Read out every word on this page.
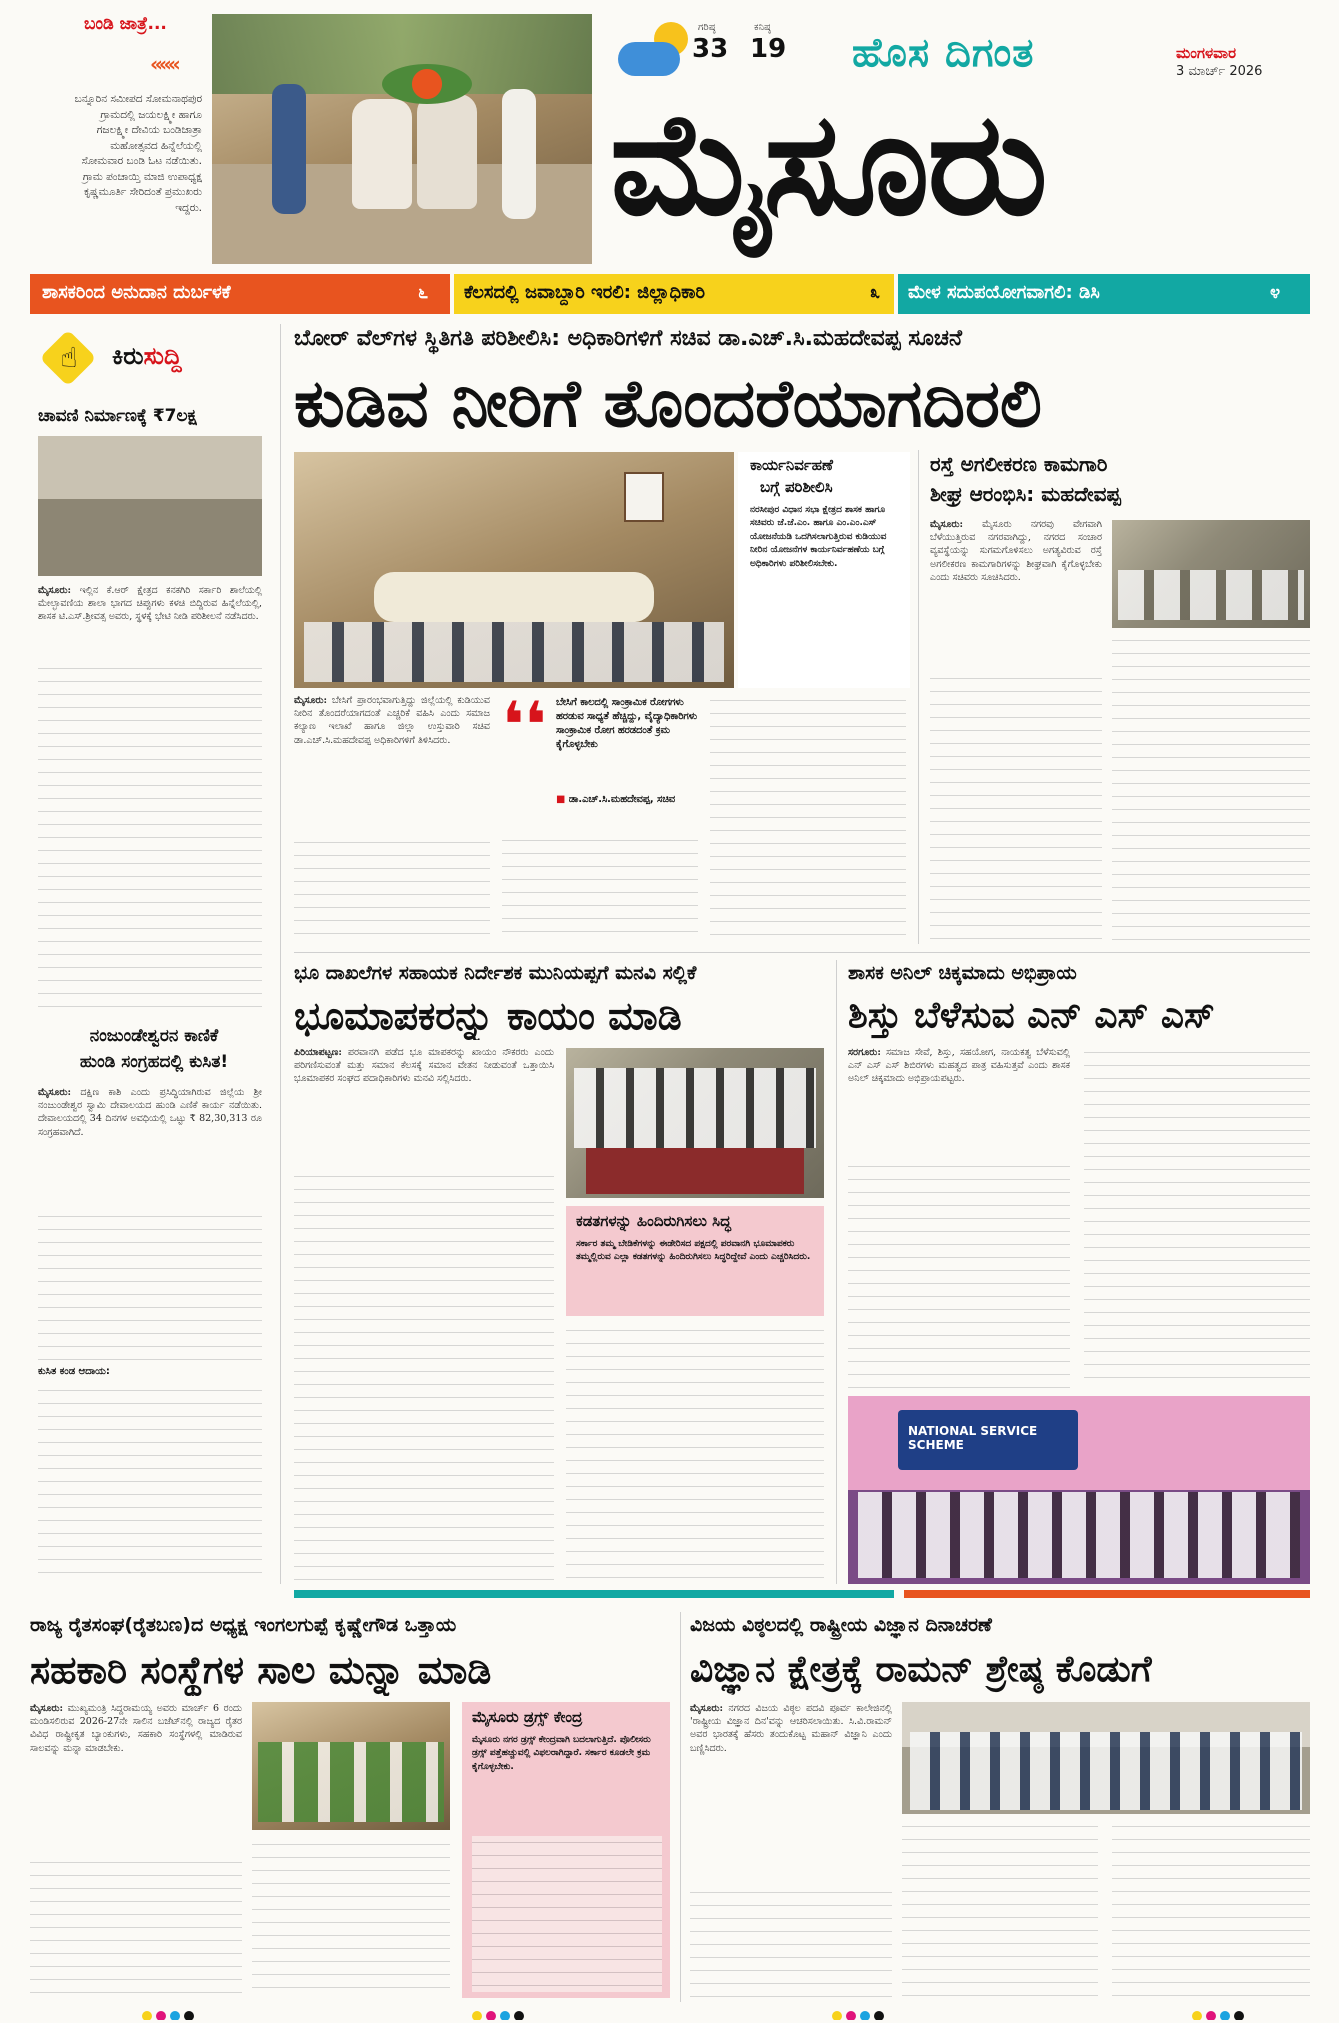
ಬಂಡಿ ಜಾತ್ರೆ...
«««
ಬನ್ನೂರಿನ ಸಮೀಪದ ಸೋಮನಾಥಪುರ ಗ್ರಾಮದಲ್ಲಿ ಜಯಲಕ್ಷ್ಮೀ ಹಾಗೂ ಗಜಲಕ್ಷ್ಮೀ ದೇವಿಯ ಬಂಡಿಜಾತ್ರಾ ಮಹೋತ್ಸವದ ಹಿನ್ನೆಲೆಯಲ್ಲಿ ಸೋಮವಾರ ಬಂಡಿ ಓಟ ನಡೆಯಿತು. ಗ್ರಾಮ ಪಂಚಾಯ್ತಿ ಮಾಜಿ ಉಪಾಧ್ಯಕ್ಷ ಕೃಷ್ಣಮೂರ್ತಿ ಸೇರಿದಂತೆ ಪ್ರಮುಖರು ಇದ್ದರು.
ಗರಿಷ್ಠ
33
ಕನಿಷ್ಠ
19 ಹೊಸ ದಿಗಂತ	ಮಂಗಳವಾರ
3 ಮಾರ್ಚ್ 2026
ಮೈಸೂರು
ಶಾಸಕರಿಂದ ಅನುದಾನ ದುರ್ಬಳಕೆ	೬	ಕೆಲಸದಲ್ಲಿ ಜವಾಬ್ದಾರಿ ಇರಲಿ: ಜಿಲ್ಲಾಧಿಕಾರಿ	೩	ಮೇಳ ಸದುಪಯೋಗವಾಗಲಿ: ಡಿಸಿ	೪
☝ ಕಿರುಸುದ್ದಿ
ಚಾವಣಿ ನಿರ್ಮಾಣಕ್ಕೆ ₹7ಲಕ್ಷ
ಮೈಸೂರು: ಇಲ್ಲಿನ ಕೆ.ಆರ್ ಕ್ಷೇತ್ರದ ಕನಕಗಿರಿ ಸರ್ಕಾರಿ ಶಾಲೆಯಲ್ಲಿ ಮೇಲ್ಛಾವಣಿಯ ಶಾಲಾ ಭಾಗದ ಚಿಪ್ಪುಗಳು ಕಳಚಿ ಬಿದ್ದಿರುವ ಹಿನ್ನೆಲೆಯಲ್ಲಿ, ಶಾಸಕ ಟಿ.ಎಸ್.ಶ್ರೀವತ್ಸ ಅವರು, ಸ್ಥಳಕ್ಕೆ ಭೇಟಿ ನೀಡಿ ಪರಿಶೀಲನೆ ನಡೆಸಿದರು.
ನಂಜುಂಡೇಶ್ವರನ ಕಾಣಿಕೆ
ಹುಂಡಿ ಸಂಗ್ರಹದಲ್ಲಿ ಕುಸಿತ!
ಮೈಸೂರು: ದಕ್ಷಿಣ ಕಾಶಿ ಎಂದು ಪ್ರಸಿದ್ಧಿಯಾಗಿರುವ ಜಿಲ್ಲೆಯ ಶ್ರೀ ನಂಜುಂಡೇಶ್ವರ ಸ್ವಾಮಿ ದೇವಾಲಯದ ಹುಂಡಿ ಎಣಿಕೆ ಕಾರ್ಯ ನಡೆಯಿತು. ದೇವಾಲಯದಲ್ಲಿ 34 ದಿನಗಳ ಅವಧಿಯಲ್ಲಿ ಒಟ್ಟು ₹ 82,30,313 ರೂ ಸಂಗ್ರಹವಾಗಿದೆ.
ಕುಸಿತ ಕಂಡ ಆದಾಯ:
ಬೋರ್ ವೆಲ್‌ಗಳ ಸ್ಥಿತಿಗತಿ ಪರಿಶೀಲಿಸಿ: ಅಧಿಕಾರಿಗಳಿಗೆ ಸಚಿವ ಡಾ.ಎಚ್.ಸಿ.ಮಹದೇವಪ್ಪ ಸೂಚನೆ
ಕುಡಿವ ನೀರಿಗೆ ತೊಂದರೆಯಾಗದಿರಲಿ
ಕಾರ್ಯನಿರ್ವಹಣೆ
ಬಗ್ಗೆ ಪರಿಶೀಲಿಸಿ
ನರಸೀಪುರ ವಿಧಾನ ಸಭಾ ಕ್ಷೇತ್ರದ ಶಾಸಕ ಹಾಗೂ ಸಚಿವರು ಜೆ.ಜೆ.ಎಂ. ಹಾಗೂ ಎಂ.ಎಂ.ಎಸ್ ಯೋಜನೆಯಡಿ ಒದಗಿಸಲಾಗುತ್ತಿರುವ ಕುಡಿಯುವ ನೀರಿನ ಯೋಜನೆಗಳ ಕಾರ್ಯನಿರ್ವಹಣೆಯ ಬಗ್ಗೆ ಅಧಿಕಾರಿಗಳು ಪರಿಶೀಲಿಸಬೇಕು.
ಮೈಸೂರು: ಬೇಸಿಗೆ ಪ್ರಾರಂಭವಾಗುತ್ತಿದ್ದು ಜಿಲ್ಲೆಯಲ್ಲಿ ಕುಡಿಯುವ ನೀರಿನ ತೊಂದರೆಯಾಗದಂತೆ ಎಚ್ಚರಿಕೆ ವಹಿಸಿ ಎಂದು ಸಮಾಜ ಕಲ್ಯಾಣ ಇಲಾಖೆ ಹಾಗೂ ಜಿಲ್ಲಾ ಉಸ್ತುವಾರಿ ಸಚಿವ ಡಾ.ಎಚ್.ಸಿ.ಮಹದೇವಪ್ಪ ಅಧಿಕಾರಿಗಳಿಗೆ ತಿಳಿಸಿದರು. ❛❛ ಬೇಸಿಗೆ ಕಾಲದಲ್ಲಿ ಸಾಂಕ್ರಾಮಿಕ ರೋಗಗಳು ಹರಡುವ ಸಾಧ್ಯತೆ ಹೆಚ್ಚಿದ್ದು, ವೈದ್ಯಾಧಿಕಾರಿಗಳು ಸಾಂಕ್ರಾಮಿಕ ರೋಗ ಹರಡದಂತೆ ಕ್ರಮ ಕೈಗೊಳ್ಳಬೇಕು
■ ಡಾ.ಎಚ್.ಸಿ.ಮಹದೇವಪ್ಪ, ಸಚಿವ
ರಸ್ತೆ ಅಗಲೀಕರಣ ಕಾಮಗಾರಿ
ಶೀಘ್ರ ಆರಂಭಿಸಿ: ಮಹದೇವಪ್ಪ
ಮೈಸೂರು: ಮೈಸೂರು ನಗರವು ವೇಗವಾಗಿ ಬೆಳೆಯುತ್ತಿರುವ ನಗರವಾಗಿದ್ದು, ನಗರದ ಸಂಚಾರ ವ್ಯವಸ್ಥೆಯನ್ನು ಸುಗಮಗೊಳಿಸಲು ಅಗತ್ಯವಿರುವ ರಸ್ತೆ ಅಗಲೀಕರಣ ಕಾಮಗಾರಿಗಳನ್ನು ಶೀಘ್ರವಾಗಿ ಕೈಗೊಳ್ಳಬೇಕು ಎಂದು ಸಚಿವರು ಸೂಚಿಸಿದರು.
ಭೂ ದಾಖಲೆಗಳ ಸಹಾಯಕ ನಿರ್ದೇಶಕ ಮುನಿಯಪ್ಪಗೆ ಮನವಿ ಸಲ್ಲಿಕೆ
ಭೂಮಾಪಕರನ್ನು ಕಾಯಂ ಮಾಡಿ
ಪಿರಿಯಾಪಟ್ಟಣ: ಪರವಾನಗಿ ಪಡೆದ ಭೂ ಮಾಪಕರನ್ನು ಖಾಯಂ ನೌಕರರು ಎಂದು ಪರಿಗಣಿಸುವಂತೆ ಮತ್ತು ಸಮಾನ ಕೆಲಸಕ್ಕೆ ಸಮಾನ ವೇತನ ನೀಡುವಂತೆ ಒತ್ತಾಯಿಸಿ ಭೂಮಾಪಕರ ಸಂಘದ ಪದಾಧಿಕಾರಿಗಳು ಮನವಿ ಸಲ್ಲಿಸಿದರು.
ಕಡತಗಳನ್ನು ಹಿಂದಿರುಗಿಸಲು ಸಿದ್ಧ
ಸರ್ಕಾರ ತಮ್ಮ ಬೇಡಿಕೆಗಳನ್ನು ಈಡೇರಿಸದ ಪಕ್ಷದಲ್ಲಿ ಪರವಾನಗಿ ಭೂಮಾಪಕರು ತಮ್ಮಲ್ಲಿರುವ ಎಲ್ಲಾ ಕಡತಗಳನ್ನು ಹಿಂದಿರುಗಿಸಲು ಸಿದ್ಧರಿದ್ದೇವೆ ಎಂದು ಎಚ್ಚರಿಸಿದರು.
ಶಾಸಕ ಅನಿಲ್ ಚಿಕ್ಕಮಾದು ಅಭಿಪ್ರಾಯ
ಶಿಸ್ತು ಬೆಳೆಸುವ ಎನ್ ಎಸ್ ಎಸ್
ಸರಗೂರು: ಸಮಾಜ ಸೇವೆ, ಶಿಸ್ತು, ಸಹಯೋಗ, ನಾಯಕತ್ವ ಬೆಳೆಸುವಲ್ಲಿ ಎನ್ ಎಸ್ ಎಸ್ ಶಿಬಿರಗಳು ಮಹತ್ವದ ಪಾತ್ರ ವಹಿಸುತ್ತವೆ ಎಂದು ಶಾಸಕ ಅನಿಲ್ ಚಿಕ್ಕಮಾದು ಅಭಿಪ್ರಾಯಪಟ್ಟರು.
NATIONAL SERVICE SCHEME
ರಾಜ್ಯ ರೈತಸಂಘ(ರೈತಬಣ)ದ ಅಧ್ಯಕ್ಷ ಇಂಗಲಗುಪ್ಪೆ ಕೃಷ್ಣೇಗೌಡ ಒತ್ತಾಯ
ಸಹಕಾರಿ ಸಂಸ್ಥೆಗಳ ಸಾಲ ಮನ್ನಾ ಮಾಡಿ
ಮೈಸೂರು: ಮುಖ್ಯಮಂತ್ರಿ ಸಿದ್ದರಾಮಯ್ಯ ಅವರು ಮಾರ್ಚ್ 6 ರಂದು ಮಂಡಿಸಲಿರುವ 2026-27ನೇ ಸಾಲಿನ ಬಜೆಟ್‌ನಲ್ಲಿ ರಾಜ್ಯದ ರೈತರ ವಿವಿಧ ರಾಷ್ಟ್ರೀಕೃತ ಬ್ಯಾಂಕುಗಳು, ಸಹಕಾರಿ ಸಂಸ್ಥೆಗಳಲ್ಲಿ ಮಾಡಿರುವ ಸಾಲವನ್ನು ಮನ್ನಾ ಮಾಡಬೇಕು.
ಮೈಸೂರು ಡ್ರಗ್ಸ್ ಕೇಂದ್ರ
ಮೈಸೂರು ನಗರ ಡ್ರಗ್ಸ್ ಕೇಂದ್ರವಾಗಿ ಬದಲಾಗುತ್ತಿದೆ. ಪೊಲೀಸರು ಡ್ರಗ್ಸ್ ಪತ್ತೆಹಚ್ಚುವಲ್ಲಿ ವಿಫಲರಾಗಿದ್ದಾರೆ. ಸರ್ಕಾರ ಕೂಡಲೇ ಕ್ರಮ ಕೈಗೊಳ್ಳಬೇಕು.
ವಿಜಯ ವಿಠ್ಠಲದಲ್ಲಿ ರಾಷ್ಟ್ರೀಯ ವಿಜ್ಞಾನ ದಿನಾಚರಣೆ
ವಿಜ್ಞಾನ ಕ್ಷೇತ್ರಕ್ಕೆ ರಾಮನ್ ಶ್ರೇಷ್ಠ ಕೊಡುಗೆ
ಮೈಸೂರು: ನಗರದ ವಿಜಯ ವಿಠ್ಠಲ ಪದವಿ ಪೂರ್ವ ಕಾಲೇಜಿನಲ್ಲಿ 'ರಾಷ್ಟ್ರೀಯ ವಿಜ್ಞಾನ ದಿನ'ವನ್ನು ಆಚರಿಸಲಾಯಿತು. ಸಿ.ವಿ.ರಾಮನ್ ಅವರ ಭಾರತಕ್ಕೆ ಹೆಸರು ತಂದುಕೊಟ್ಟ ಮಹಾನ್ ವಿಜ್ಞಾನಿ ಎಂದು ಬಣ್ಣಿಸಿದರು.
